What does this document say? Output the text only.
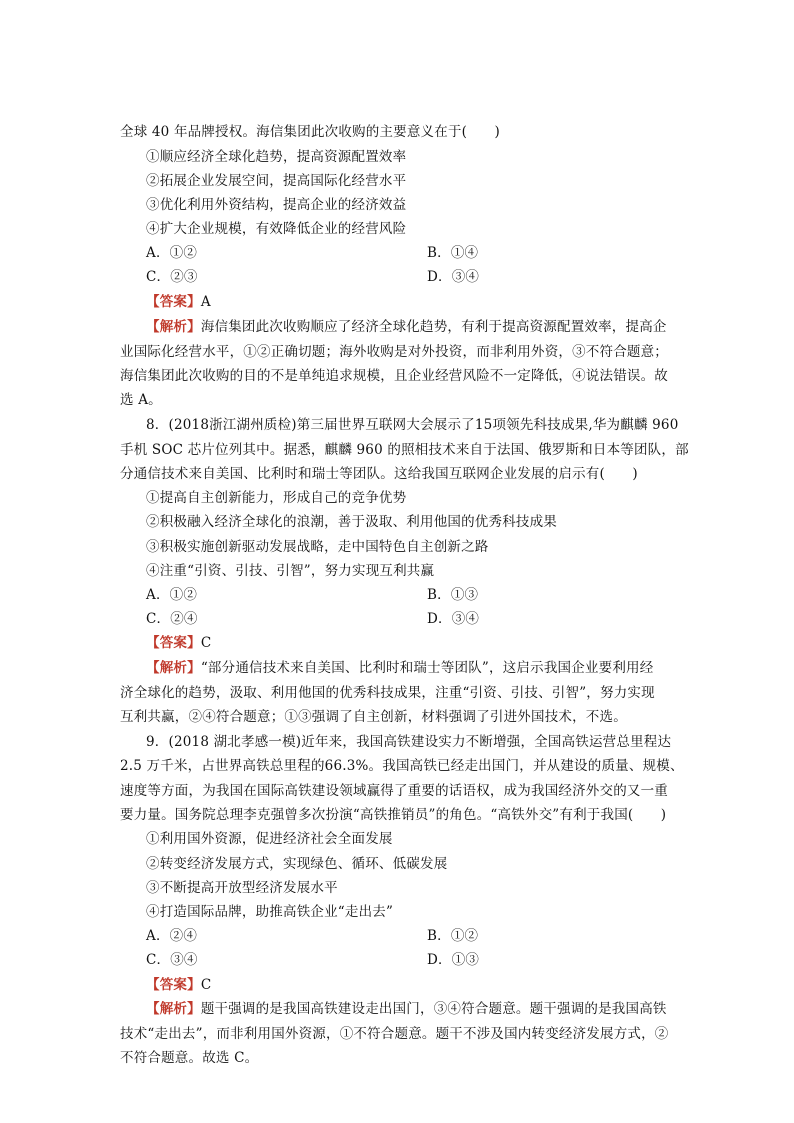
全球 40 年品牌授权。海信集团此次收购的主要意义在于(　　)
①顺应经济全球化趋势，提高资源配置效率
②拓展企业发展空间，提高国际化经营水平
③优化利用外资结构，提高企业的经济效益
④扩大企业规模，有效降低企业的经营风险
A．①②	B．①④
C．②③	D．③④
【答案】A
【解析】海信集团此次收购顺应了经济全球化趋势，有利于提高资源配置效率，提高企
业国际化经营水平，①②正确切题；海外收购是对外投资，而非利用外资，③不符合题意；
海信集团此次收购的目的不是单纯追求规模，且企业经营风险不一定降低，④说法错误。故
选 A。
8．(2018浙江湖州质检)第三届世界互联网大会展示了15项领先科技成果,华为麒麟 960
手机 SOC 芯片位列其中。据悉，麒麟 960 的照相技术来自于法国、俄罗斯和日本等团队，部
分通信技术来自美国、比利时和瑞士等团队。这给我国互联网企业发展的启示有(　　)
①提高自主创新能力，形成自己的竞争优势
②积极融入经济全球化的浪潮，善于汲取、利用他国的优秀科技成果
③积极实施创新驱动发展战略，走中国特色自主创新之路
④注重“引资、引技、引智”，努力实现互利共赢
A．①②	B．①③
C．②④	D．③④
【答案】C
【解析】“部分通信技术来自美国、比利时和瑞士等团队”，这启示我国企业要利用经
济全球化的趋势，汲取、利用他国的优秀科技成果，注重“引资、引技、引智”，努力实现
互利共赢，②④符合题意；①③强调了自主创新，材料强调了引进外国技术，不选。
9．(2018 湖北孝感一模)近年来，我国高铁建设实力不断增强，全国高铁运营总里程达
2.5 万千米，占世界高铁总里程的66.3%。我国高铁已经走出国门，并从建设的质量、规模、
速度等方面，为我国在国际高铁建设领域赢得了重要的话语权，成为我国经济外交的又一重
要力量。国务院总理李克强曾多次扮演“高铁推销员”的角色。“高铁外交”有利于我国(　　)
①利用国外资源，促进经济社会全面发展
②转变经济发展方式，实现绿色、循环、低碳发展
③不断提高开放型经济发展水平
④打造国际品牌，助推高铁企业“走出去”
A．②④	B．①②
C．③④	D．①③
【答案】C
【解析】题干强调的是我国高铁建设走出国门，③④符合题意。题干强调的是我国高铁
技术“走出去”，而非利用国外资源，①不符合题意。题干不涉及国内转变经济发展方式，②
不符合题意。故选 C。
